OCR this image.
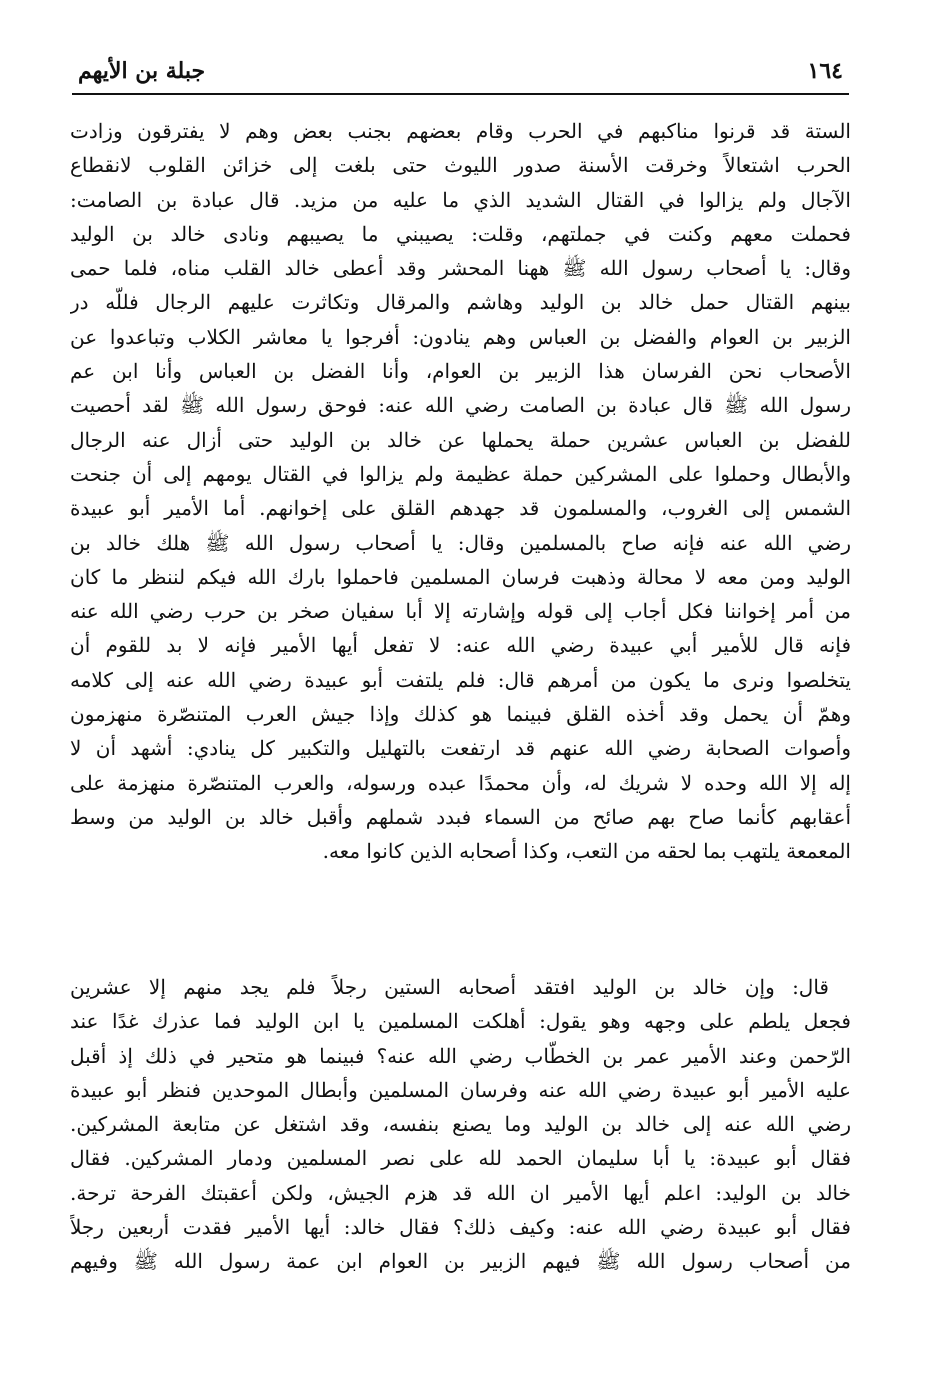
جبلة بن الأيهم	١٦٤
الستة قد قرنوا مناكبهم في الحرب وقام بعضهم بجنب بعض وهم لا يفترقون وزادت
الحرب اشتعالاً وخرقت الأسنة صدور الليوث حتى بلغت إلى خزائن القلوب لانقطاع
الآجال ولم يزالوا في القتال الشديد الذي ما عليه من مزيد. قال عبادة بن الصامت:
فحملت معهم وكنت في جملتهم، وقلت: يصيبني ما يصيبهم ونادى خالد بن الوليد
وقال: يا أصحاب رسول الله ﷺ ههنا المحشر وقد أعطى خالد القلب مناه، فلما حمى
بينهم القتال حمل خالد بن الوليد وهاشم والمرقال وتكاثرت عليهم الرجال فللّه در
الزبير بن العوام والفضل بن العباس وهم ينادون: أفرجوا يا معاشر الكلاب وتباعدوا عن
الأصحاب نحن الفرسان هذا الزبير بن العوام، وأنا الفضل بن العباس وأنا ابن عم
رسول الله ﷺ قال عبادة بن الصامت رضي الله عنه: فوحق رسول الله ﷺ لقد أحصيت
للفضل بن العباس عشرين حملة يحملها عن خالد بن الوليد حتى أزال عنه الرجال
والأبطال وحملوا على المشركين حملة عظيمة ولم يزالوا في القتال يومهم إلى أن جنحت
الشمس إلى الغروب، والمسلمون قد جهدهم القلق على إخوانهم. أما الأمير أبو عبيدة
رضي الله عنه فإنه صاح بالمسلمين وقال: يا أصحاب رسول الله ﷺ هلك خالد بن
الوليد ومن معه لا محالة وذهبت فرسان المسلمين فاحملوا بارك الله فيكم لننظر ما كان
من أمر إخواننا فكل أجاب إلى قوله وإشارته إلا أبا سفيان صخر بن حرب رضي الله عنه
فإنه قال للأمير أبي عبيدة رضي الله عنه: لا تفعل أيها الأمير فإنه لا بد للقوم أن
يتخلصوا ونرى ما يكون من أمرهم قال: فلم يلتفت أبو عبيدة رضي الله عنه إلى كلامه
وهمّ أن يحمل وقد أخذه القلق فبينما هو كذلك وإذا جيش العرب المتنصّرة منهزمون
وأصوات الصحابة رضي الله عنهم قد ارتفعت بالتهليل والتكبير كل ينادي: أشهد أن لا
إله إلا الله وحده لا شريك له، وأن محمدًا عبده ورسوله، والعرب المتنصّرة منهزمة على
أعقابهم كأنما صاح بهم صائح من السماء فبدد شملهم وأقبل خالد بن الوليد من وسط
المعمعة يلتهب بما لحقه من التعب، وكذا أصحابه الذين كانوا معه.
قال: وإن خالد بن الوليد افتقد أصحابه الستين رجلاً فلم يجد منهم إلا عشرين
فجعل يلطم على وجهه وهو يقول: أهلكت المسلمين يا ابن الوليد فما عذرك غدًا عند
الرّحمن وعند الأمير عمر بن الخطّاب رضي الله عنه؟ فبينما هو متحير في ذلك إذ أقبل
عليه الأمير أبو عبيدة رضي الله عنه وفرسان المسلمين وأبطال الموحدين فنظر أبو عبيدة
رضي الله عنه إلى خالد بن الوليد وما يصنع بنفسه، وقد اشتغل عن متابعة المشركين.
فقال أبو عبيدة: يا أبا سليمان الحمد لله على نصر المسلمين ودمار المشركين. فقال
خالد بن الوليد: اعلم أيها الأمير ان الله قد هزم الجيش، ولكن أعقبتك الفرحة ترحة.
فقال أبو عبيدة رضي الله عنه: وكيف ذلك؟ فقال خالد: أيها الأمير فقدت أربعين رجلاً
من أصحاب رسول الله ﷺ فيهم الزبير بن العوام ابن عمة رسول الله ﷺ وفيهم
